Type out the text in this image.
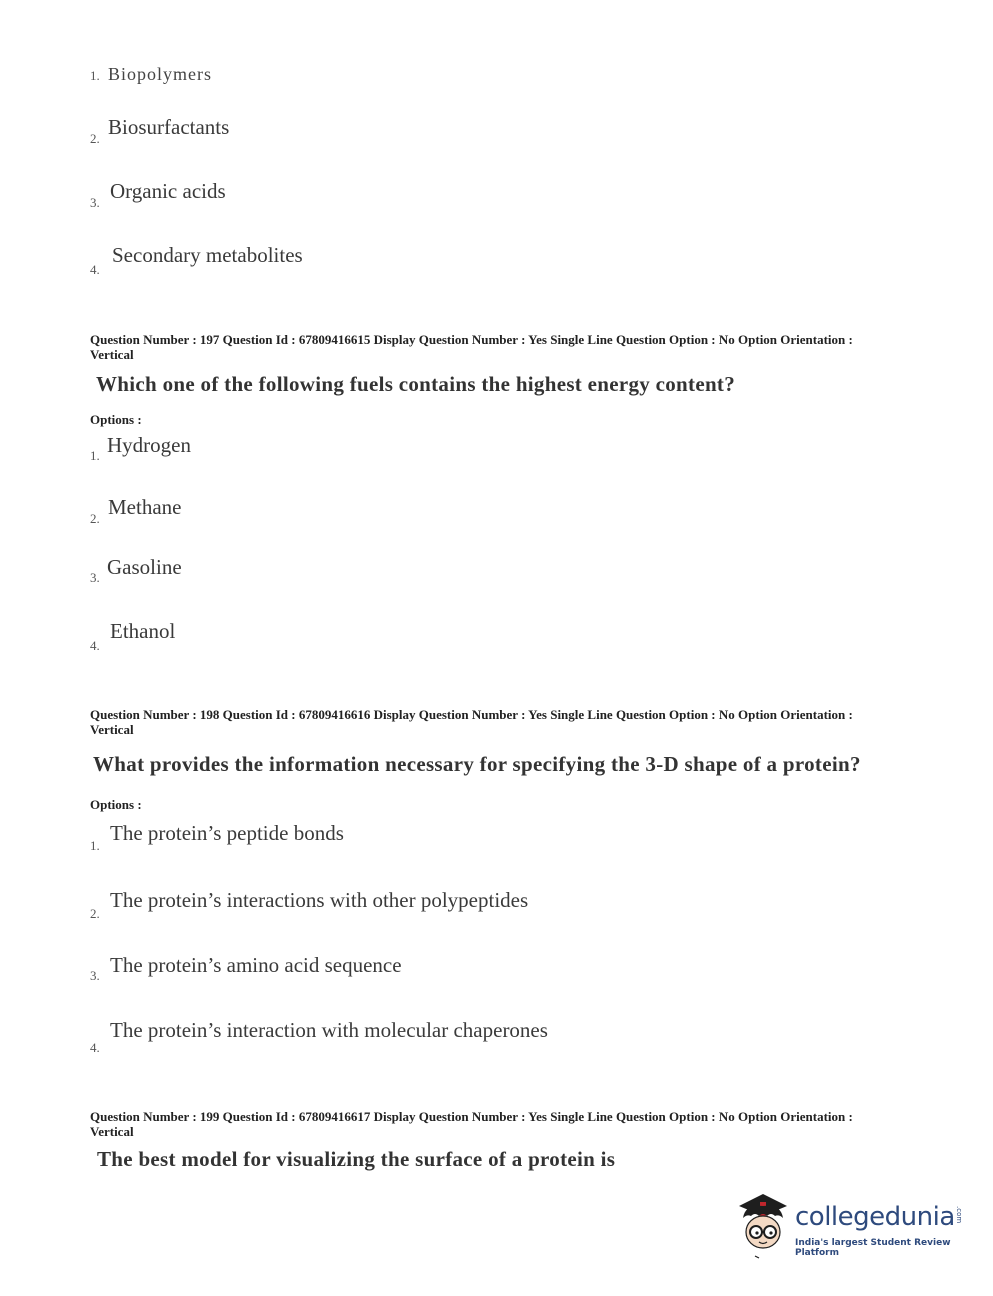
1. Biopolymers
2. Biosurfactants
3. Organic acids
4.
Secondary metabolites
Question Number : 197 Question Id : 67809416615 Display Question Number : Yes Single Line Question Option : No Option Orientation : Vertical
Which one of the following fuels contains the highest energy content?
Options :
1. Hydrogen
2. Methane
3. Gasoline
4.
Ethanol
Question Number : 198 Question Id : 67809416616 Display Question Number : Yes Single Line Question Option : No Option Orientation : Vertical
What provides the information necessary for specifying the 3-D shape of a protein?
Options :
1.
The protein’s peptide bonds
2.
The protein’s interactions with other polypeptides
3. The protein’s amino acid sequence
4.
The protein’s interaction with molecular chaperones
Question Number : 199 Question Id : 67809416617 Display Question Number : Yes Single Line Question Option : No Option Orientation : Vertical
The best model for visualizing the surface of a protein is
collegedunia .com
India's largest Student Review Platform
